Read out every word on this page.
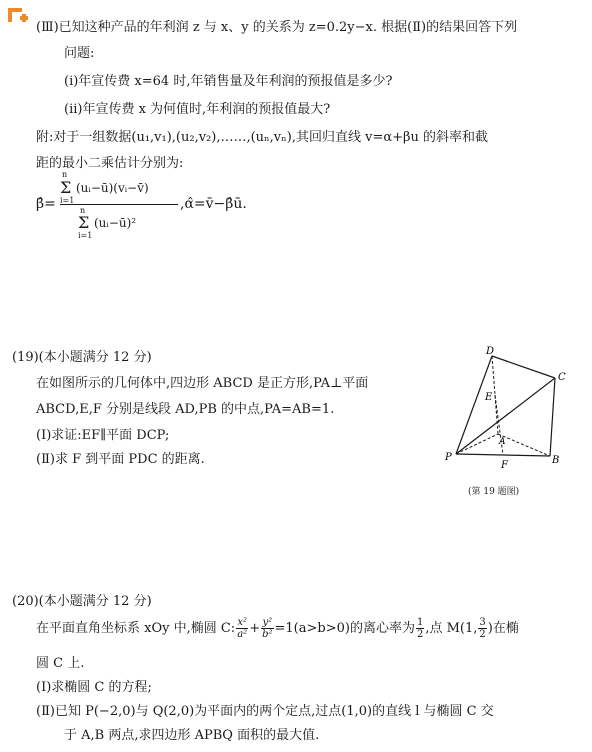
(Ⅲ)已知这种产品的年利润 z 与 x、y 的关系为 z=0.2y−x. 根据(Ⅱ)的结果回答下列
问题:
(ⅰ)年宣传费 x=64 时,年销售量及年利润的预报值是多少?
(ⅱ)年宣传费 x 为何值时,年利润的预报值最大?
附:对于一组数据(u₁,v₁),(u₂,v₂),……,(uₙ,vₙ),其回归直线 v=α+βu 的斜率和截
距的最小二乘估计分别为:
β̂=
n
Σ
i=1
(uᵢ−ū)(vᵢ−v̄)
n
Σ
i=1
(uᵢ−ū)²
,α̂=v̄−β̂ū.
(19)(本小题满分 12 分)
在如图所示的几何体中,四边形 ABCD 是正方形,PA⊥平面
ABCD,E,F 分别是线段 AD,PB 的中点,PA=AB=1.
(Ⅰ)求证:EF∥平面 DCP;
(Ⅱ)求 F 到平面 PDC 的距离.
D
C
E
A
P
F	B
(第 19 题图)
(20)(本小题满分 12 分)
在平面直角坐标系 xOy 中,椭圆 C: $\frac{\text{x²}}{\text{a²}} + \frac{\text{y²}}{\text{b²}} =1(a>b>0)$的离心率为 $\frac{1}{2}$ ,点 M(1, $\frac{3}{2}$ )在椭
圆 C 上.
(Ⅰ)求椭圆 C 的方程;
(Ⅱ)已知 P(−2,0)与 Q(2,0)为平面内的两个定点,过点(1,0)的直线 l 与椭圆 C 交
于 A,B 两点,求四边形 APBQ 面积的最大值.
